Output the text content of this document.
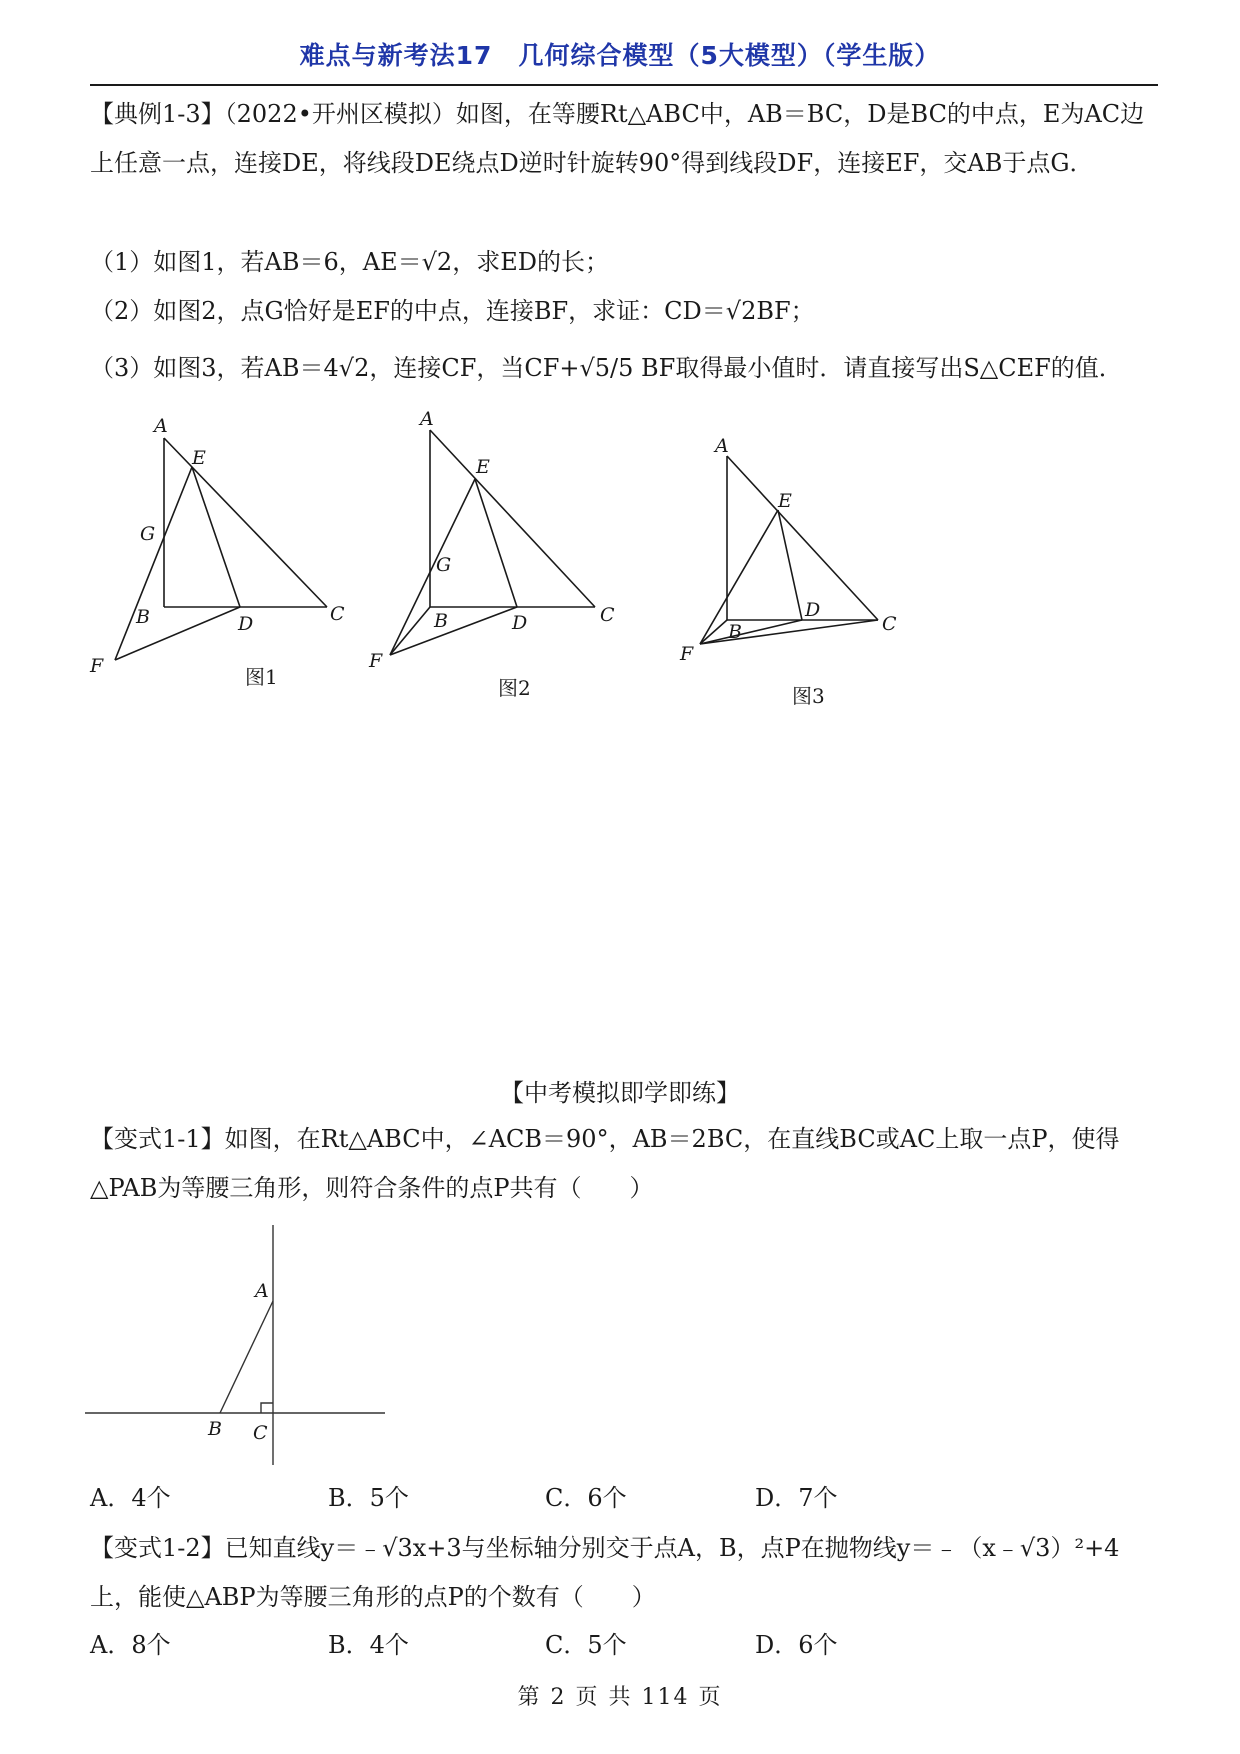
难点与新考法17　几何综合模型（5大模型）（学生版）
【典例1-3】（2022•开州区模拟）如图，在等腰Rt△ABC中，AB＝BC，D是BC的中点，E为AC边上任意一点，连接DE，将线段DE绕点D逆时针旋转90°得到线段DF，连接EF，交AB于点G．
（1）如图1，若AB＝6，AE＝√2，求ED的长；
（2）如图2，点G恰好是EF的中点，连接BF，求证：CD＝√2BF；
（3）如图3，若AB＝4√2，连接CF，当CF+√5/5 BF取得最小值时．请直接写出S△CEF的值．
A
E
G
B	D	C
F	图1
A
E
G
B	D	C
F
图2
A
E
D
B	C
F
图3
【中考模拟即学即练】
【变式1-1】如图，在Rt△ABC中，∠ACB＝90°，AB＝2BC，在直线BC或AC上取一点P，使得△PAB为等腰三角形，则符合条件的点P共有（　　）
A
B C
A．4个	B．5个	C．6个	D．7个
【变式1-2】已知直线y＝﹣√3x+3与坐标轴分别交于点A，B，点P在抛物线y＝﹣（x﹣√3）²+4上，能使△ABP为等腰三角形的点P的个数有（　　）
A．8个	B．4个	C．5个	D．6个
第 2 页 共 114 页
